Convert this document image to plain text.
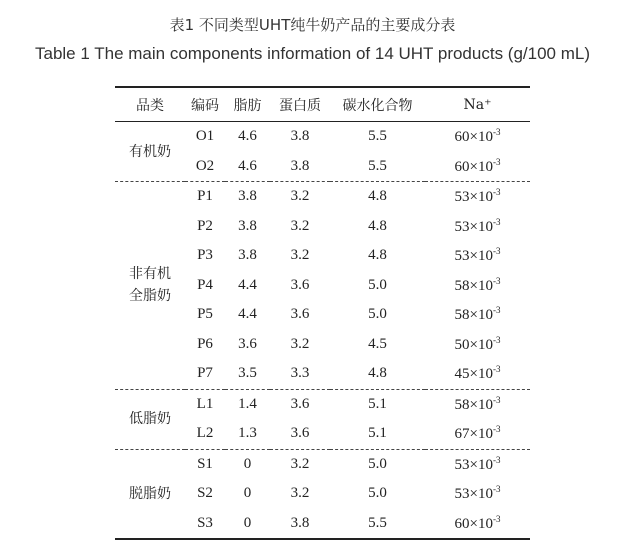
表1 不同类型UHT纯牛奶产品的主要成分表
Table 1 The main components information of 14 UHT products (g/100 mL)
品类	编码	脂肪	蛋白质	碳水化合物	Na⁺
有机奶	O1	4.6	3.8	5.5	$60\times 10^{-3}$
	O2	4.6	3.8	5.5	$60\times 10^{-3}$
非有机
全脂奶	P1	3.8	3.2	4.8	$53\times 10^{-3}$
	P2	3.8	3.2	4.8	$53\times 10^{-3}$
	P3	3.8	3.2	4.8	$53\times 10^{-3}$
	P4	4.4	3.6	5.0	$58\times 10^{-3}$
	P5	4.4	3.6	5.0	$58\times 10^{-3}$
	P6	3.6	3.2	4.5	$50\times 10^{-3}$
	P7	3.5	3.3	4.8	$45\times 10^{-3}$
低脂奶	L1	1.4	3.6	5.1	$58\times 10^{-3}$
	L2	1.3	3.6	5.1	$67\times 10^{-3}$
脱脂奶	S1	0	3.2	5.0	$53\times 10^{-3}$
	S2	0	3.2	5.0	$53\times 10^{-3}$
	S3	0	3.8	5.5	$60\times 10^{-3}$
